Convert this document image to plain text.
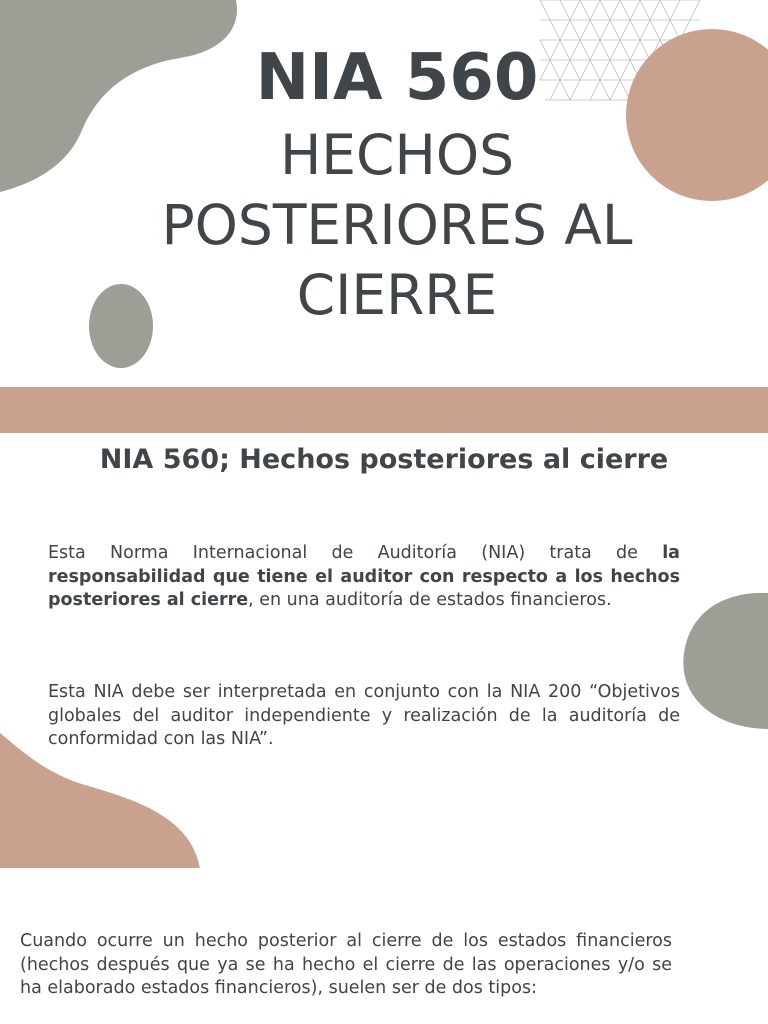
NIA 560

HECHOS POSTERIORES AL CIERRE

NIA 560; Hechos posteriores al cierre

Esta Norma Internacional de Auditoría (NIA) trata de la responsabilidad que tiene el auditor con respecto a los hechos posteriores al cierre, en una auditoría de estados financieros.

Esta NIA debe ser interpretada en conjunto con la NIA 200 “Objetivos globales del auditor independiente y realización de la auditoría de conformidad con las NIA”.

Cuando ocurre un hecho posterior al cierre de los estados financieros (hechos después que ya se ha hecho el cierre de las operaciones y/o se ha elaborado estados financieros), suelen ser de dos tipos:
